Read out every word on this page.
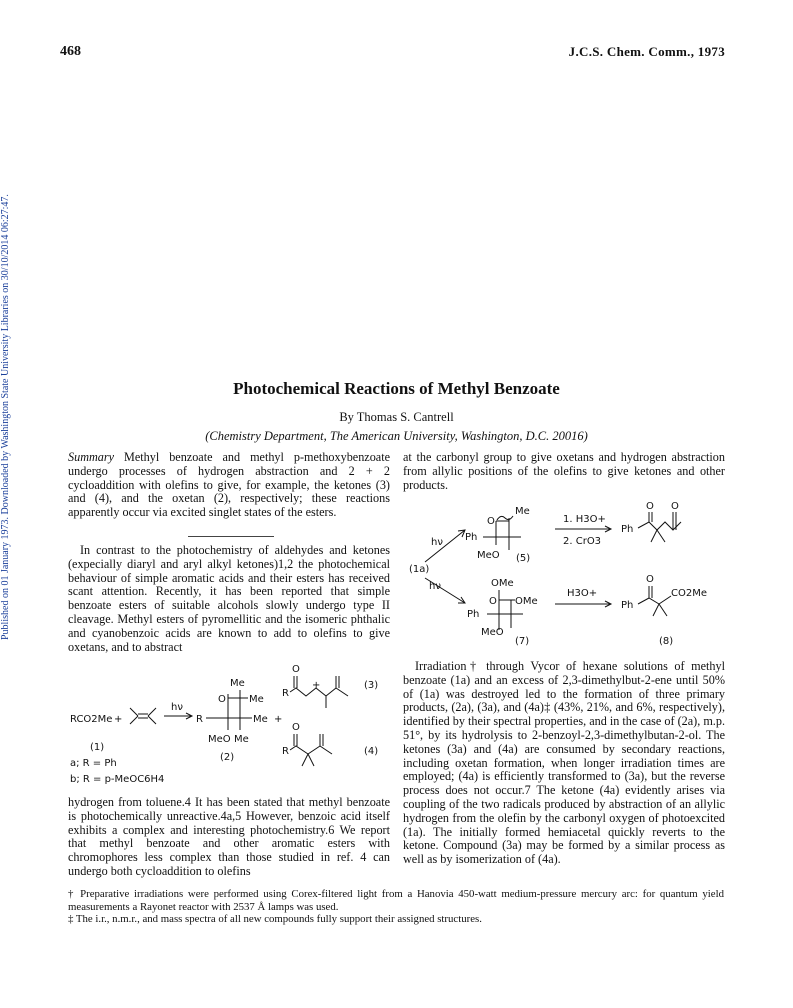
468	J.C.S. Chem. Comm., 1973
Published on 01 January 1973. Downloaded by Washington State University Libraries on 30/10/2014 06:27:47.	Photochemical Reactions of Methyl Benzoate
By Thomas S. Cantrell
(Chemistry Department, The American University, Washington, D.C. 20016)
Summary Methyl benzoate and methyl p-methoxybenzoate undergo processes of hydrogen abstraction and 2 + 2 cycloaddition with olefins to give, for example, the ketones (3) and (4), and the oxetan (2), respectively; these reactions apparently occur via excited singlet states of the esters.

In contrast to the photochemistry of aldehydes and ketones (expecially diaryl and aryl alkyl ketones)1,2 the photochemical behaviour of simple aromatic acids and their esters has received scant attention. Recently, it has been reported that simple benzoate esters of suitable alcohols slowly undergo type II cleavage. Methyl esters of pyromellitic and the isomeric phthalic and cyanobenzoic acids are known to add to olefins to give oxetans, and to abstract

at the carbonyl group to give oxetans and hydrogen abstraction from allylic positions of the olefins to give ketones and other products.

(1a)
hν
hν
O
Me
Ph
MeO (5)
1. H3O+
2. CrO3
Ph
O O
OMe
O OMe
Ph
MeO
(7)
H3O+
Ph
O
CO2Me
(8)
RCO2Me +
hν
Me
O Me
R	Me
MeO Me
+
O
R
+	(3)
O
R	(4)
(1)
(2)
a; R = Ph
b; R = p-MeOC6H4

hydrogen from toluene.4 It has been stated that methyl benzoate is photochemically unreactive.4a,5 However, benzoic acid itself exhibits a complex and interesting photochemistry.6 We report that methyl benzoate and other aromatic esters with chromophores less complex than those studied in ref. 4 can undergo both cycloaddition to olefins

Irradiation† through Vycor of hexane solutions of methyl benzoate (1a) and an excess of 2,3-dimethylbut-2-ene until 50% of (1a) was destroyed led to the formation of three primary products, (2a), (3a), and (4a)‡ (43%, 21%, and 6%, respectively), identified by their spectral properties, and in the case of (2a), m.p. 51°, by its hydrolysis to 2-benzoyl-2,3-dimethylbutan-2-ol. The ketones (3a) and (4a) are consumed by secondary reactions, including oxetan formation, when longer irradiation times are employed; (4a) is efficiently transformed to (3a), but the reverse process does not occur.7 The ketone (4a) evidently arises via coupling of the two radicals produced by abstraction of an allylic hydrogen from the olefin by the carbonyl oxygen of photoexcited (1a). The initially formed hemiacetal quickly reverts to the ketone. Compound (3a) may be formed by a similar process as well as by isomerization of (4a).

† Preparative irradiations were performed using Corex-filtered light from a Hanovia 450-watt medium-pressure mercury arc: for quantum yield measurements a Rayonet reactor with 2537 Å lamps was used.

‡ The i.r., n.m.r., and mass spectra of all new compounds fully support their assigned structures.
